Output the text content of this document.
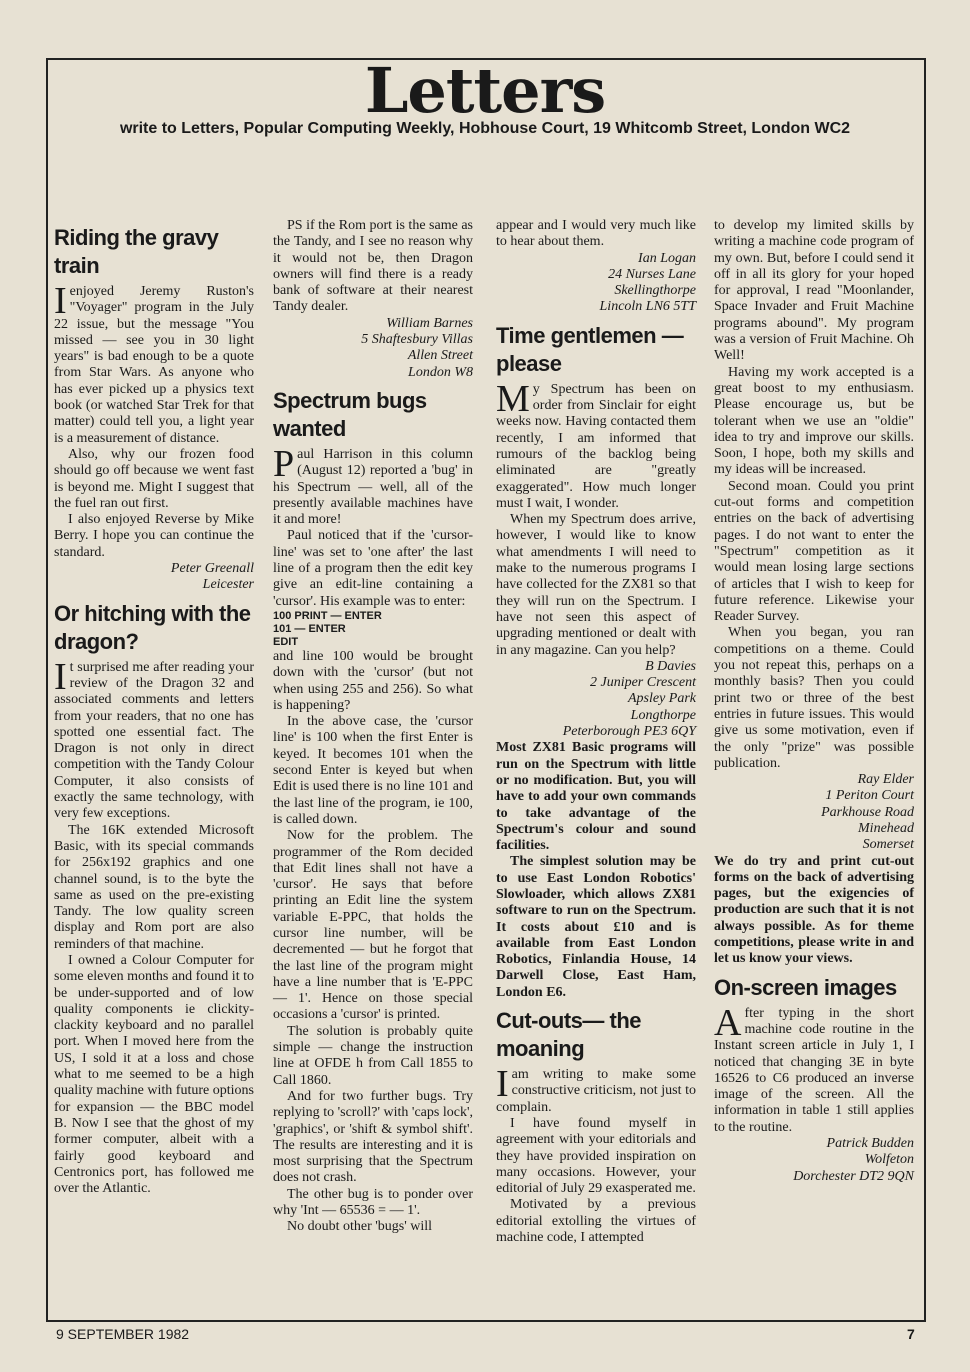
Letters
write to Letters, Popular Computing Weekly, Hobhouse Court, 19 Whitcomb Street, London WC2
Riding the gravy train

Ienjoyed Jeremy Ruston's "Voyager" program in the July 22 issue, but the message "You missed — see you in 30 light years" is bad enough to be a quote from Star Wars. As anyone who has ever picked up a physics text book (or watched Star Trek for that matter) could tell you, a light year is a measurement of distance.

Also, why our frozen food should go off because we went fast is beyond me. Might I suggest that the fuel ran out first.

I also enjoyed Reverse by Mike Berry. I hope you can continue the standard.

Peter Greenall
Leicester
Or hitching with the dragon?

It surprised me after reading your review of the Dragon 32 and associated comments and letters from your readers, that no one has spotted one essential fact. The Dragon is not only in direct competition with the Tandy Colour Computer, it also consists of exactly the same technology, with very few exceptions.

The 16K extended Microsoft Basic, with its special commands for 256x192 graphics and one channel sound, is to the byte the same as used on the pre-existing Tandy. The low quality screen display and Rom port are also reminders of that machine.

I owned a Colour Computer for some eleven months and found it to be under-supported and of low quality components ie clickity-clackity keyboard and no parallel port. When I moved here from the US, I sold it at a loss and chose what to me seemed to be a high quality machine with future options for expansion — the BBC model B. Now I see that the ghost of my former computer, albeit with a fairly good keyboard and Centronics port, has followed me over the Atlantic.

PS if the Rom port is the same as the Tandy, and I see no reason why it would not be, then Dragon owners will find there is a ready bank of software at their nearest Tandy dealer.

William Barnes
5 Shaftesbury Villas
Allen Street
London W8
Spectrum bugs wanted

Paul Harrison in this column (August 12) reported a 'bug' in his Spectrum — well, all of the presently available machines have it and more!

Paul noticed that if the 'cursor-line' was set to 'one after' the last line of a program then the edit key give an edit-line containing a 'cursor'. His example was to enter:

100 PRINT — ENTER
101 — ENTER
EDIT

and line 100 would be brought down with the 'cursor' (but not when using 255 and 256). So what is happening?

In the above case, the 'cursor line' is 100 when the first Enter is keyed. It becomes 101 when the second Enter is keyed but when Edit is used there is no line 101 and the last line of the program, ie 100, is called down.

Now for the problem. The programmer of the Rom decided that Edit lines shall not have a 'cursor'. He says that before printing an Edit line the system variable E-PPC, that holds the cursor line number, will be decremented — but he forgot that the last line of the program might have a line number that is 'E-PPC — 1'. Hence on those special occasions a 'cursor' is printed.

The solution is probably quite simple — change the instruction line at OFDE h from Call 1855 to Call 1860.

And for two further bugs. Try replying to 'scroll?' with 'caps lock', 'graphics', or 'shift & symbol shift'. The results are interesting and it is most surprising that the Spectrum does not crash.

The other bug is to ponder over why 'Int — 65536 = — 1'.

No doubt other 'bugs' will

appear and I would very much like to hear about them.

Ian Logan
24 Nurses Lane
Skellingthorpe
Lincoln LN6 5TT
Time gentlemen —please

My Spectrum has been on order from Sinclair for eight weeks now. Having contacted them recently, I am informed that rumours of the backlog being eliminated are "greatly exaggerated". How much longer must I wait, I wonder.

When my Spectrum does arrive, however, I would like to know what amendments I will need to make to the numerous programs I have collected for the ZX81 so that they will run on the Spectrum. I have not seen this aspect of upgrading mentioned or dealt with in any magazine. Can you help?

B Davies
2 Juniper Crescent
Apsley Park
Longthorpe
Peterborough PE3 6QY

Most ZX81 Basic programs will run on the Spectrum with little or no modification. But, you will have to add your own commands to take advantage of the Spectrum's colour and sound facilities.

The simplest solution may be to use East London Robotics' Slowloader, which allows ZX81 software to run on the Spectrum. It costs about £10 and is available from East London Robotics, Finlandia House, 14 Darwell Close, East Ham, London E6.

Cut-outs— the moaning

Iam writing to make some constructive criticism, not just to complain.

I have found myself in agreement with your editorials and they have provided inspiration on many occasions. However, your editorial of July 29 exasperated me.

Motivated by a previous editorial extolling the virtues of machine code, I attempted

to develop my limited skills by writing a machine code program of my own. But, before I could send it off in all its glory for your hoped for approval, I read "Moonlander, Space Invader and Fruit Machine programs abound". My program was a version of Fruit Machine. Oh Well!

Having my work accepted is a great boost to my enthusiasm. Please encourage us, but be tolerant when we use an "oldie" idea to try and improve our skills. Soon, I hope, both my skills and my ideas will be increased.

Second moan. Could you print cut-out forms and competition entries on the back of advertising pages. I do not want to enter the "Spectrum" competition as it would mean losing large sections of articles that I wish to keep for future reference. Likewise your Reader Survey.

When you began, you ran competitions on a theme. Could you not repeat this, perhaps on a monthly basis? Then you could print two or three of the best entries in future issues. This would give us some motivation, even if the only "prize" was possible publication.

Ray Elder
1 Periton Court
Parkhouse Road
Minehead
Somerset

We do try and print cut-out forms on the back of advertising pages, but the exigencies of production are such that it is not always possible. As for theme competitions, please write in and let us know your views.

On-screen images

After typing in the short machine code routine in the Instant screen article in July 1, I noticed that changing 3E in byte 16526 to C6 produced an inverse image of the screen. All the information in table 1 still applies to the routine.

Patrick Budden
Wolfeton
Dorchester DT2 9QN
9 SEPTEMBER 1982	7
